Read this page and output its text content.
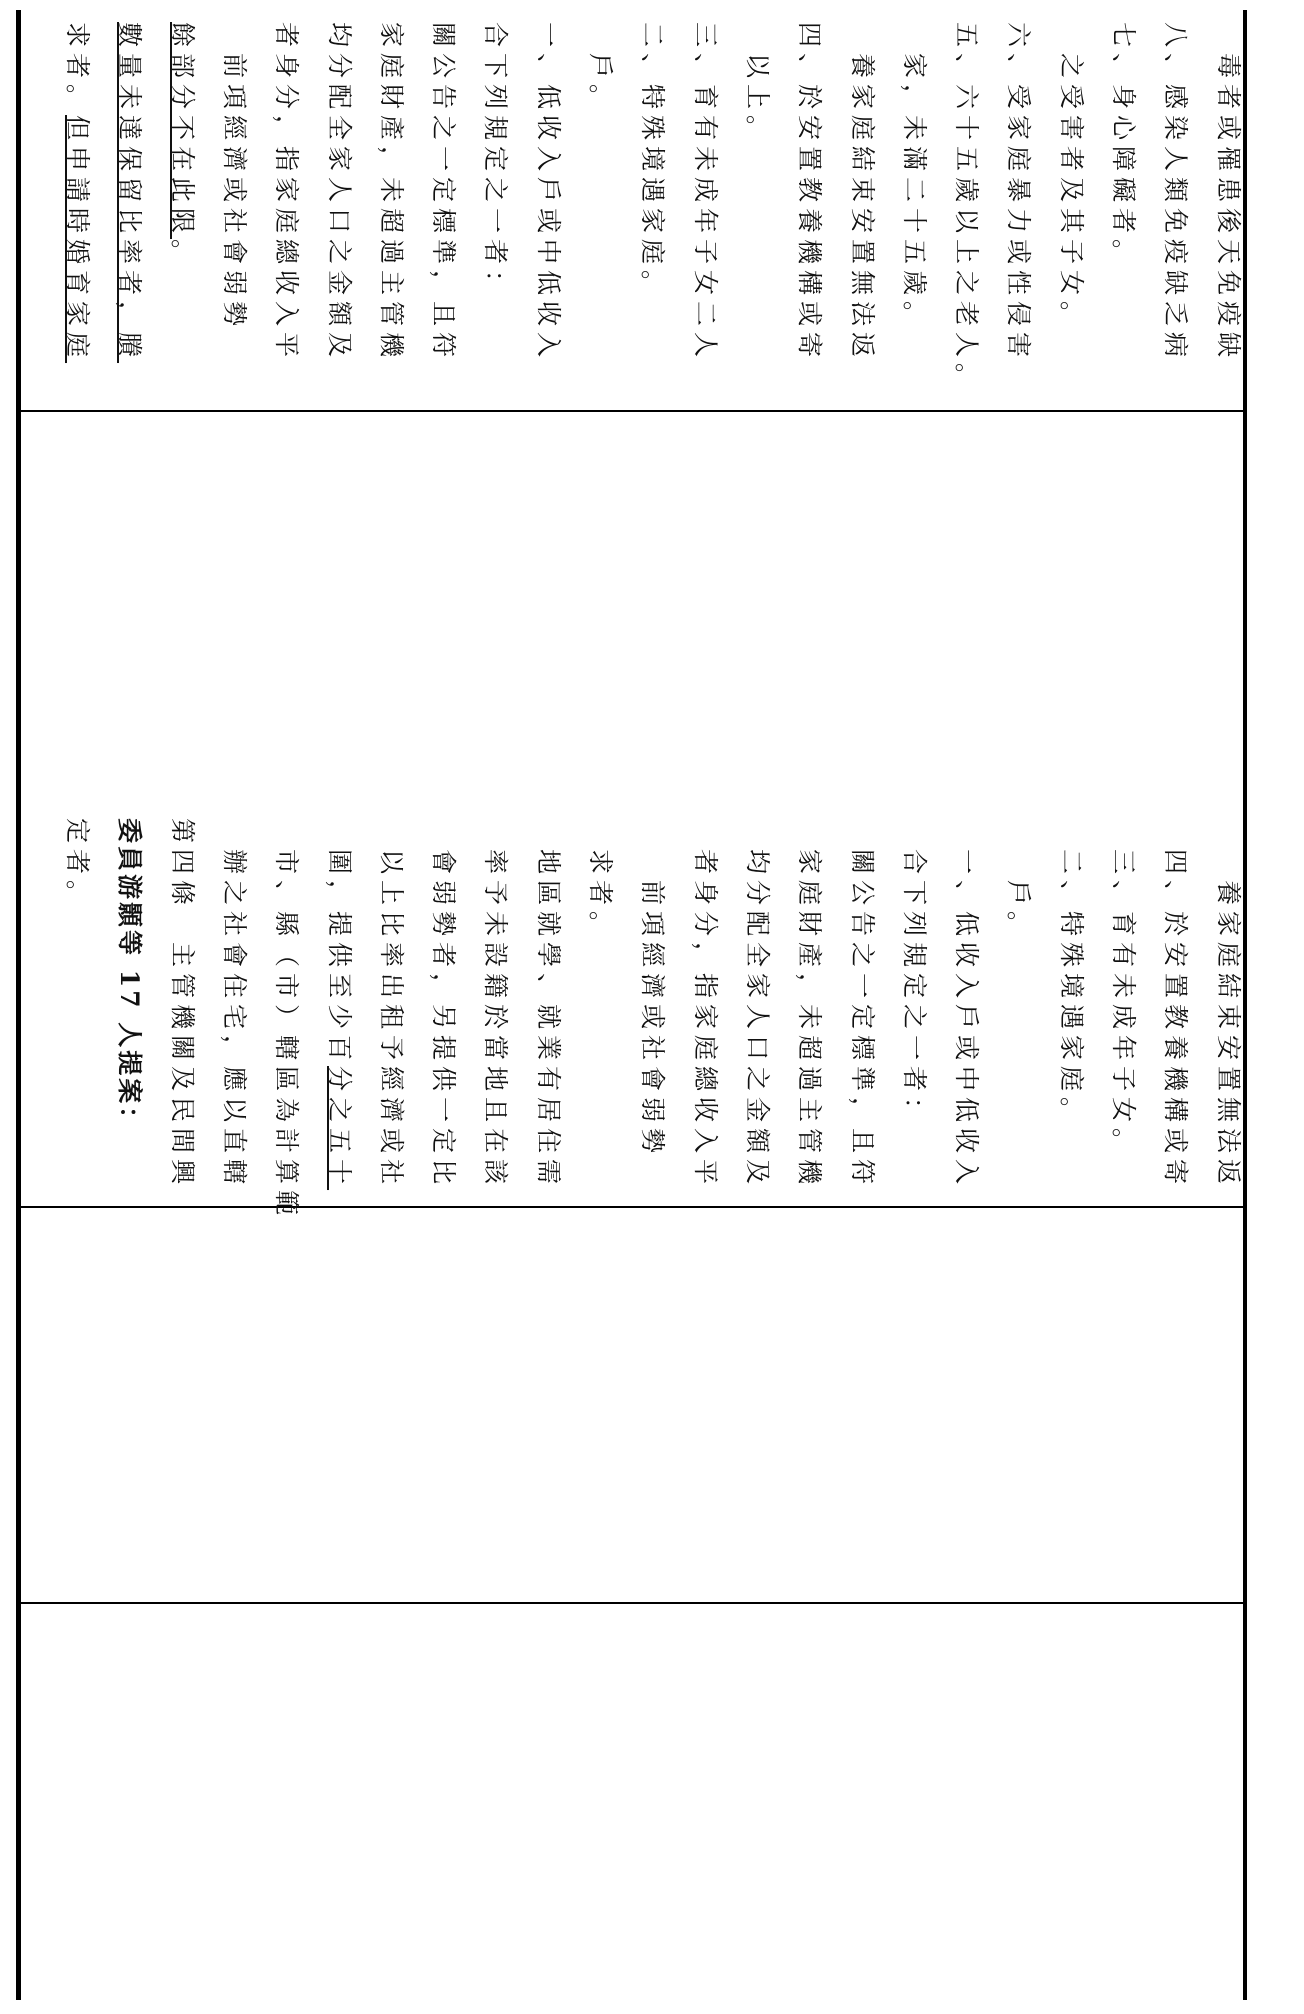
求者。但申請時婚育家庭 數量未達保留比率者，賸 餘部分不在此限。 　前項經濟或社會弱勢 者身分，指家庭總收入平 均分配全家人口之金額及 家庭財產，未超過主管機 關公告之一定標準，且符 合下列規定之一者： 一、低收入戶或中低收入 　戶。 二、特殊境遇家庭。 三、育有未成年子女二人 　以上。 四、於安置教養機構或寄 　養家庭結束安置無法返 　家，未滿二十五歲。 五、六十五歲以上之老人。 六、受家庭暴力或性侵害 　之受害者及其子女。 七、身心障礙者。 八、感染人類免疫缺乏病 　毒者或罹患後天免疫缺
定者。 委員游顥等 17 人提案： 第四條　主管機關及民間興 　辦之社會住宅，應以直轄 　市、縣（市）轄區為計算範 　圍，提供至少百分之五十 　以上比率出租予經濟或社 　會弱勢者，另提供一定比 　率予未設籍於當地且在該 　地區就學、就業有居住需 　求者。 　　前項經濟或社會弱勢 　者身分，指家庭總收入平 　均分配全家人口之金額及 　家庭財產，未超過主管機 　關公告之一定標準，且符 　合下列規定之一者： 　一、低收入戶或中低收入 　　戶。 　二、特殊境遇家庭。 　三、育有未成年子女。 　四、於安置教養機構或寄 　　養家庭結束安置無法返
